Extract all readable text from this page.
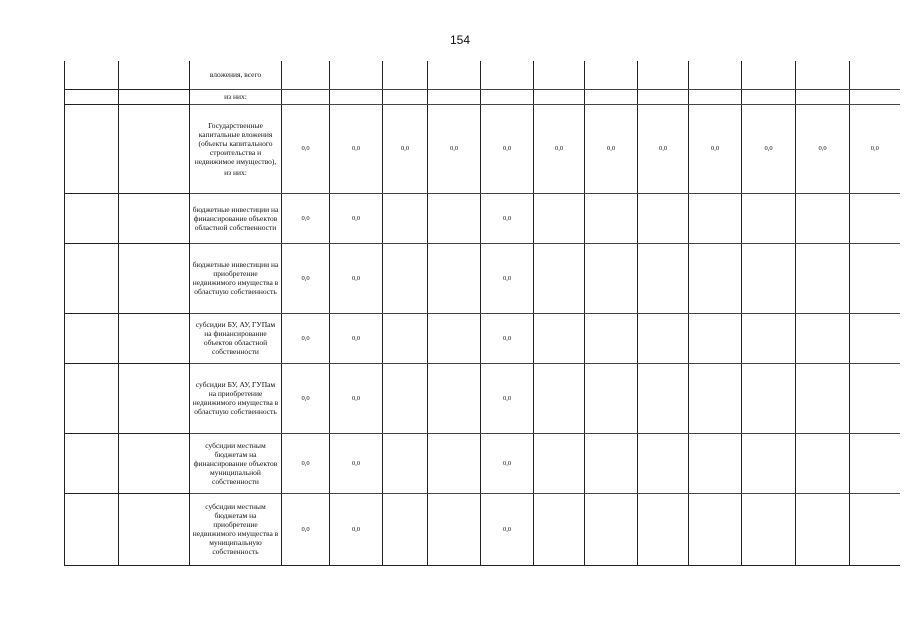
154

		вложения, всего												

		из них:												

		Государственные капитальные вложения (объекты капитального строительства и недвижимое имущество),
из них:	0,0	0,0	0,0	0,0	0,0	0,0	0,0	0,0	0,0	0,0	0,0	0,0

		бюджетные инвестиции на финансирование объектов областной собственности	0,0	0,0			0,0							

		бюджетные инвестиции на приобретение недвижимого имущества в областную собственность	0,0	0,0			0,0							

		субсидии БУ, АУ, ГУПам на финансирование объектов областной собственности	0,0	0,0			0,0							

		субсидии БУ, АУ, ГУПам на приобретение недвижимого имущества в областную собственность	0,0	0,0			0,0							

		субсидии местным бюджетам на финансирование объектов муниципальной собственности	0,0	0,0			0,0							

		субсидии местным бюджетам на приобретение недвижимого имущества в муниципальную собственность	0,0	0,0			0,0							
